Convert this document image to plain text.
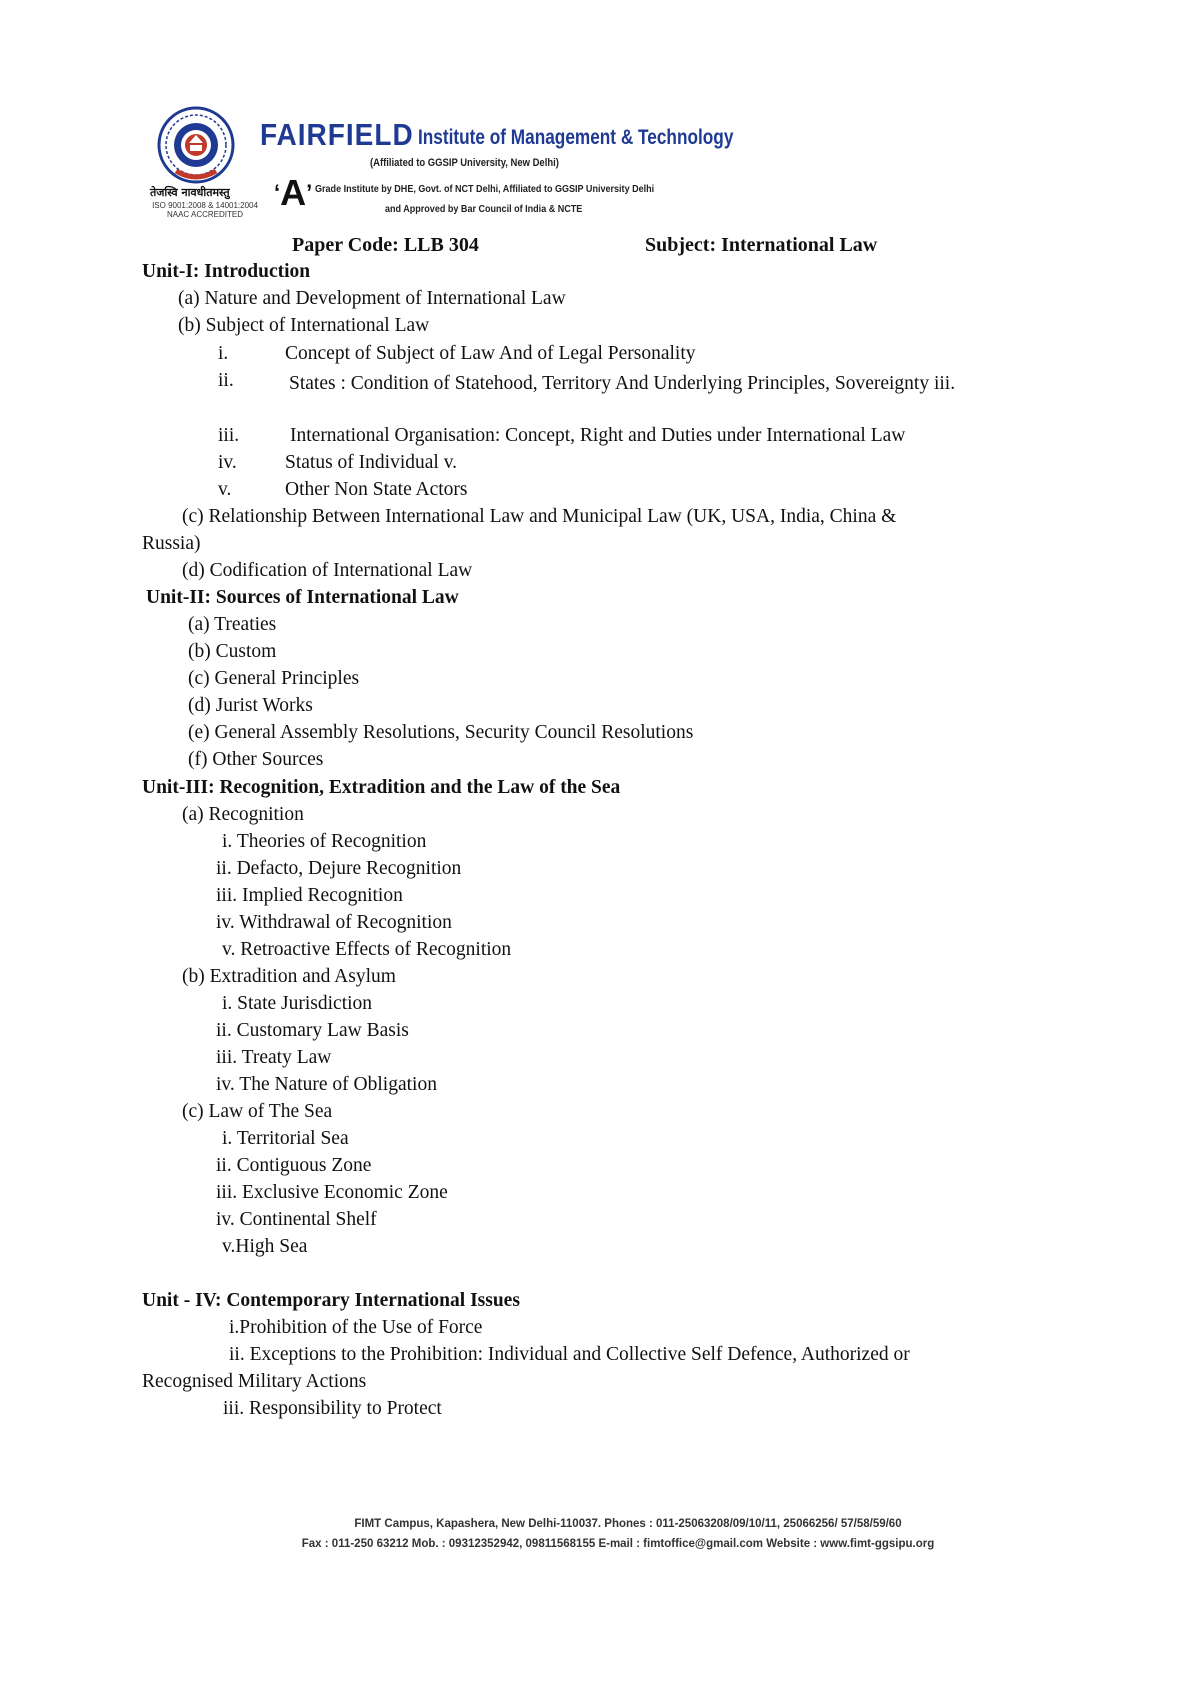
तेजस्वि नावधीतमस्तु
ISO 9001:2008 & 14001:2004
NAAC ACCREDITED
FAIRFIELD Institute of Management & Technology
(Affiliated to GGSIP University, New Delhi)
‘A’ Grade Institute by DHE, Govt. of NCT Delhi, Affiliated to GGSIP University Delhi
and Approved by Bar Council of India & NCTE
Paper Code: LLB 304	Subject: International Law
Unit-I: Introduction
(a) Nature and Development of International Law
(b) Subject of International Law
i.	Concept of Subject of Law And of Legal Personality
ii.	States : Condition of Statehood, Territory And Underlying Principles, Sovereignty iii.
iii.	International Organisation: Concept, Right and Duties under International Law
iv. Status of Individual v.
v.	Other Non State Actors
(c) Relationship Between International Law and Municipal Law (UK, USA, India, China &
Russia)
(d) Codification of International Law
Unit-II: Sources of International Law
(a) Treaties
(b) Custom
(c) General Principles
(d) Jurist Works
(e) General Assembly Resolutions, Security Council Resolutions
(f) Other Sources
Unit-III: Recognition, Extradition and the Law of the Sea
(a) Recognition
i. Theories of Recognition
ii. Defacto, Dejure Recognition
iii. Implied Recognition
iv. Withdrawal of Recognition
v. Retroactive Effects of Recognition
(b) Extradition and Asylum
i. State Jurisdiction
ii. Customary Law Basis
iii. Treaty Law
iv. The Nature of Obligation
(c) Law of The Sea
i. Territorial Sea
ii. Contiguous Zone
iii. Exclusive Economic Zone
iv. Continental Shelf
v.High Sea
Unit - IV: Contemporary International Issues
i.Prohibition of the Use of Force
ii. Exceptions to the Prohibition: Individual and Collective Self Defence, Authorized or
Recognised Military Actions
iii. Responsibility to Protect
FIMT Campus, Kapashera, New Delhi-110037. Phones : 011-25063208/09/10/11, 25066256/ 57/58/59/60
Fax : 011-250 63212 Mob. : 09312352942, 09811568155 E-mail : fimtoffice@gmail.com Website : www.fimt-ggsipu.org
